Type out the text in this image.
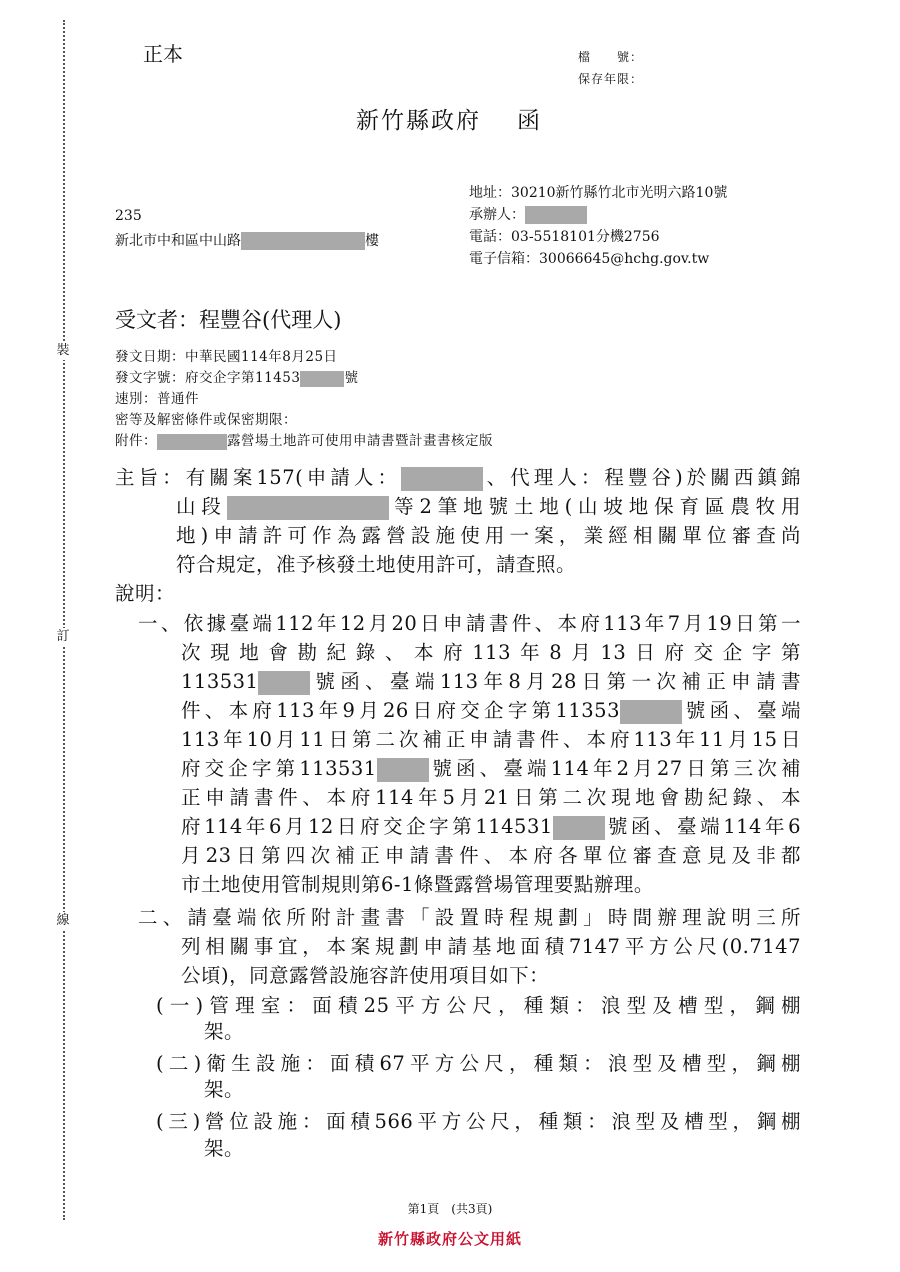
裝
訂
線
正本	檔　　號：
保存年限：
新竹縣政府 函
地址：30210新竹縣竹北市光明六路10號
承辦人：
電話：03-5518101分機2756
電子信箱：30066645@hchg.gov.tw
235
新北市中和區中山路	樓
受文者：程豐谷(代理人)
發文日期：中華民國114年8月25日
發文字號：府交企字第11453	號
速別：普通件
密等及解密條件或保密期限：
附件：	露營場土地許可使用申請書暨計畫書核定版
主旨：有關案157(申請人：	、代理人：程豐谷)於關西鎮錦
山段	等2筆地號土地(山坡地保育區農牧用
地)申請許可作為露營設施使用一案，業經相關單位審查尚
符合規定，准予核發土地使用許可，請查照。
說明：
一、依據臺端112年12月20日申請書件、本府113年7月19日第一
次現地會勘紀錄、本府113年8月13日府交企字第
113531	號函、臺端113年8月28日第一次補正申請書
件、本府113年9月26日府交企字第11353	號函、臺端
113年10月11日第二次補正申請書件、本府113年11月15日
府交企字第113531	號函、臺端114年2月27日第三次補
正申請書件、本府114年5月21日第二次現地會勘紀錄、本
府114年6月12日府交企字第114531	號函、臺端114年6
月23日第四次補正申請書件、本府各單位審查意見及非都
市土地使用管制規則第6-1條暨露營場管理要點辦理。
二、請臺端依所附計畫書「設置時程規劃」時間辦理說明三所
列相關事宜，本案規劃申請基地面積7147平方公尺(0.7147
公頃)，同意露營設施容許使用項目如下：
(一)管理室：面積25平方公尺，種類：浪型及槽型，鋼棚
架。
(二)衛生設施：面積67平方公尺，種類：浪型及槽型，鋼棚
架。
(三)營位設施：面積566平方公尺，種類：浪型及槽型，鋼棚
架。
第1頁　(共3頁)
新竹縣政府公文用紙
